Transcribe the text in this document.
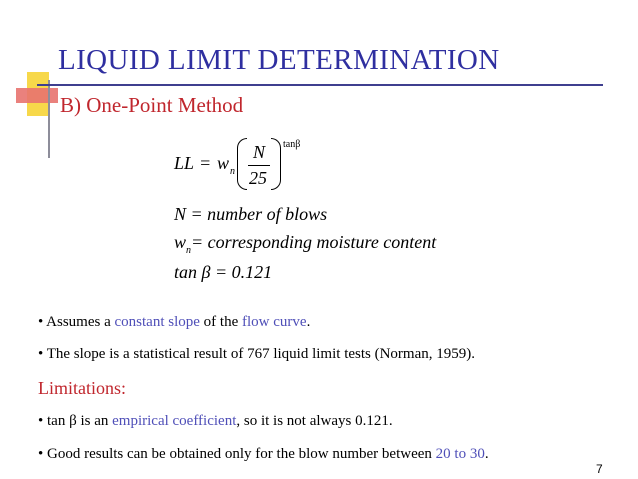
LIQUID LIMIT DETERMINATION
B) One-Point Method
LL = w n
N
25
tanβ
N = number of blows
w n = corresponding moisture content
tan β = 0.121
• Assumes a constant slope of the flow curve.
• The slope is a statistical result of 767 liquid limit tests (Norman, 1959).
Limitations:
• tan β is an empirical coefficient, so it is not always 0.121.
• Good results can be obtained only for the blow number between 20 to 30.
7
